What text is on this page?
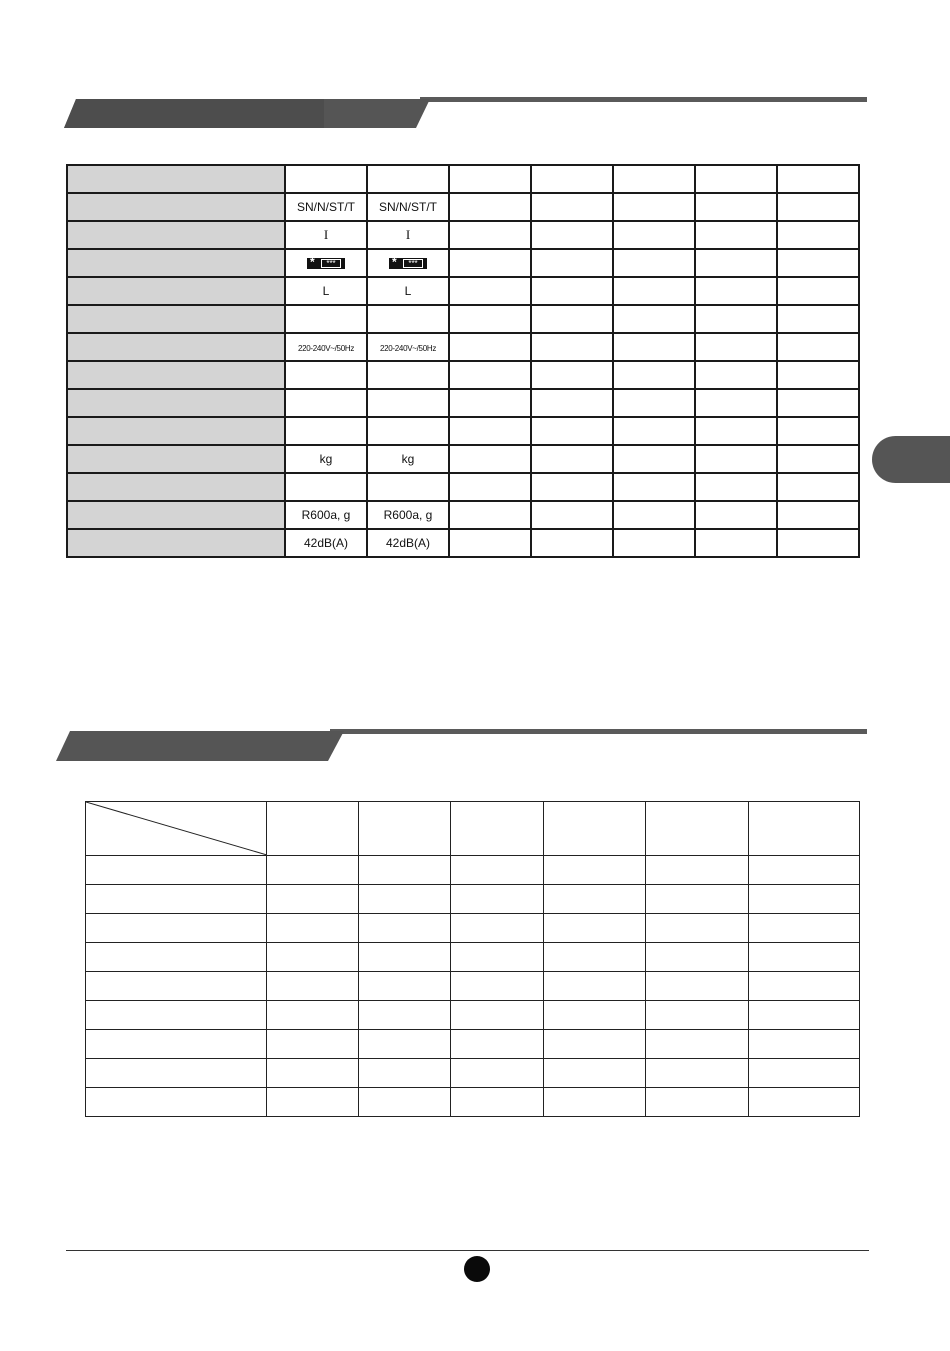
	SN/N/ST/T	SN/N/ST/T					
	I	I					

	* ***	* ***					

	L	L					

	220-240V~/50Hz	220-240V~/50Hz					

	kg	kg					

	R600a, g	R600a, g					
	42dB(A)	42dB(A)					
